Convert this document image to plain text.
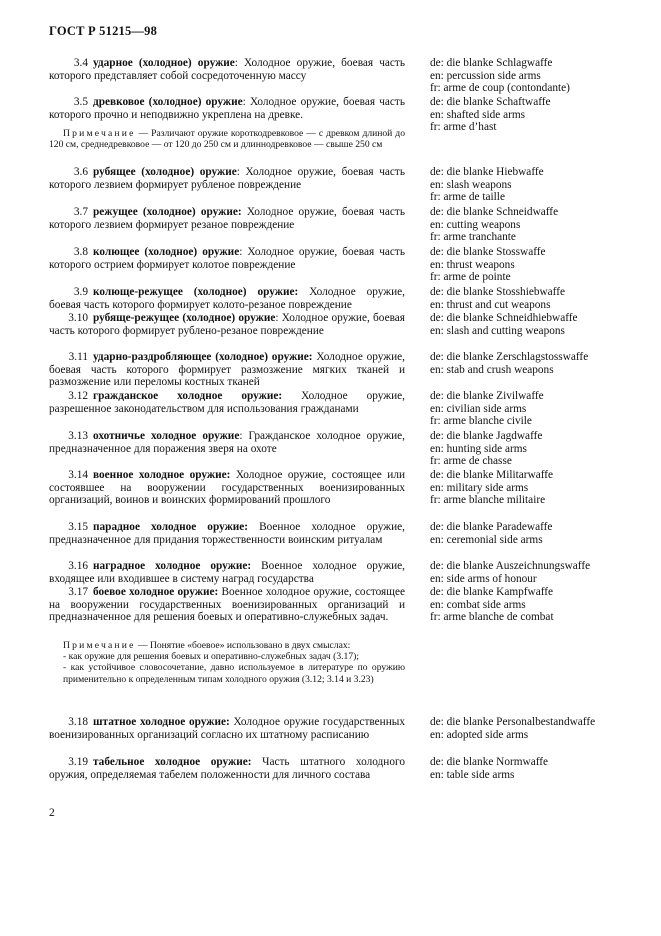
ГОСТ Р 51215—98

3.4 ударное (холодное) оружие: Холодное оружие, боевая часть которого представляет собой сосредоточенную массу

de: die blanke Schlagwaffe
en: percussion side arms
fr: arme de coup (contondante)

3.5 древковое (холодное) оружие: Холодное оружие, боевая часть которого прочно и неподвижно укреплена на древке.

de: die blanke Schaftwaffe
en: shafted side arms
fr: arme d’hast

3.6 рубящее (холодное) оружие: Холодное оружие, боевая часть которого лезвием формирует рубленое повреждение

de: die blanke Hiebwaffe
en: slash weapons
fr: arme de taille

3.7 режущее (холодное) оружие: Холодное оружие, боевая часть которого лезвием формирует резаное повреждение

de: die blanke Schneidwaffe
en: cutting weapons
fr: arme tranchante

3.8 колющее (холодное) оружие: Холодное оружие, боевая часть которого острием формирует колотое повреждение

de: die blanke Stosswaffe
en: thrust weapons
fr: arme de pointe

3.9 колюще-режущее (холодное) оружие: Холодное оружие, боевая часть которого формирует колото-резаное повреждение

de: die blanke Stosshiebwaffe
en: thrust and cut weapons

3.10 рубяще-режущее (холодное) оружие: Холодное оружие, боевая часть которого формирует рублено-резаное повреждение

de: die blanke Schneidhiebwaffe
en: slash and cutting weapons

3.11 ударно-раздробляющее (холодное) оружие: Холодное оружие, боевая часть которого формирует размозжение мягких тканей и размозжение или переломы костных тканей

de: die blanke Zerschlagstosswaffe
en: stab and crush weapons

3.12 гражданское холодное оружие: Холодное оружие, разрешенное законодательством для использования гражданами

de: die blanke Zivilwaffe
en: civilian side arms
fr: arme blanche civile

3.13 охотничье холодное оружие: Гражданское холодное оружие, предназначенное для поражения зверя на охоте

de: die blanke Jagdwaffe
en: hunting side arms
fr: arme de chasse

3.14 военное холодное оружие: Холодное оружие, состоящее или состоявшее на вооружении государственных военизированных организаций, воинов и воинских формирований прошлого

de: die blanke Militarwaffe
en: military side arms
fr: arme blanche militaire

3.15 парадное холодное оружие: Военное холодное оружие, предназначенное для придания торжественности воинским ритуалам

de: die blanke Paradewaffe
en: ceremonial side arms

3.16 наградное холодное оружие: Военное холодное оружие, входящее или входившее в систему наград государства

de: die blanke Auszeichnungswaffe
en: side arms of honour

3.17 боевое холодное оружие: Военное холодное оружие, состоящее на вооружении государственных военизированных организаций и предназначенное для решения боевых и оперативно-служебных задач.

de: die blanke Kampfwaffe
en: combat side arms
fr: arme blanche de combat

3.18 штатное холодное оружие: Холодное оружие государственных военизированных организаций согласно их штатному расписанию

de: die blanke Personalbestandwaffe
en: adopted side arms

3.19 табельное холодное оружие: Часть штатного холодного оружия, определяемая табелем положенности для личного состава

de: die blanke Normwaffe
en: table side arms
Примечание — Различают оружие короткодревковое — с древком длиной до 120 см, среднедревковое — от 120 до 250 см и длиннодревковое — свыше 250 см
Примечание — Понятие «боевое» использовано в двух смыслах:
- как оружие для решения боевых и оперативно-служебных задач (3.17);
- как устойчивое словосочетание, давно используемое в литературе по оружию применительно к определенным типам холодного оружия (3.12; 3.14 и 3.23)
2
